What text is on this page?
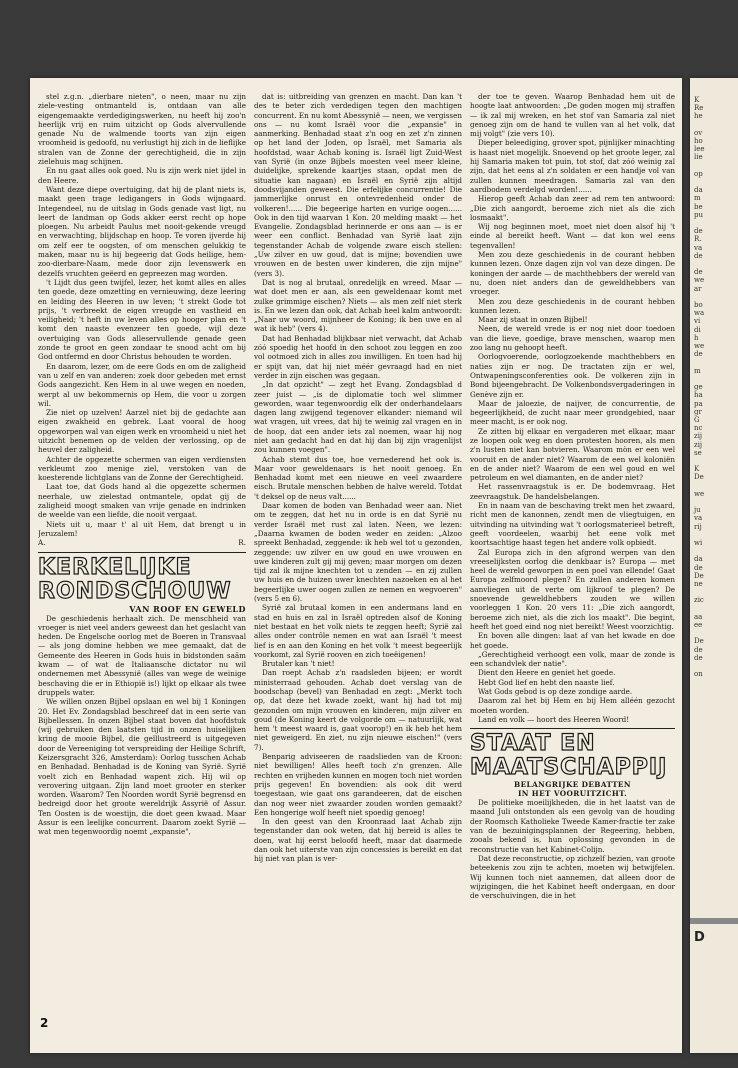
stel z.g.n. „dierbare nieten", o neen, maar nu zijn ziele-vesting ontmanteld is, ontdaan van alle eigengemaakte verdedigingswerken, nu heeft hij zoo'n heerlijk vrij en ruim uitzicht op Gods alvervullende genade Nu de walmende toorts van zijn eigen vroomheid is gedoofd, nu verlustigt hij zich in de lieflijke stralen van de Zonne der gerechtigheid, die in zijn zielehuis mag schijnen.

En nu gaat alles ook goed. Nu is zijn werk niet ijdel in den Heere.

Want deze diepe overtuiging, dat hij de plant niets is, maakt geen trage ledigangers in Gods wijngaard. Integendeel, nu de uitslag in Gods genade vast ligt, nu leert de landman op Gods akker eerst recht op hope ploegen. Nu arbeidt Paulus met nooit-gekende vreugd en verwachting, blijdschap en hoop. Te voren ijverde hij om zelf eer te oogsten, of om menschen gelukkig te maken, maar nu is hij begeerig dat Gods heilige, hem-zoo-dierbare-Naam, mede door zijn levenswerk en dezelfs vruchten geëerd en gepreezen mag worden.

't Lijdt dus geen twijfel, lezer, het komt alles en alles ten goede, deze omzetting en vernieuwing, deze leering en leiding des Heeren in uw leven; 't strekt Gode tot prijs, 't verbreekt de eigen vreugde en vastheid en veiligheid; 't heft in uw leven alles op hooger plan en 't komt den naaste evenzeer ten goede, wijl deze overtuiging van Gods alleservullende genade geen zonde te groot en geen zondaar te snood acht om bij God ontfermd en door Christus behouden te worden.

En daarom, lezer, om de eere Gods en om de zaligheid van u zelf en van anderen: zoek door gebeden met ernst Gods aangezicht. Ken Hem in al uwe wegen en noeden, werpt al uw bekommernis op Hem, die voor u zorgen wil.

Zie niet op uzelven! Aarzel niet bij de gedachte aan eigen zwakheid en gebrek. Laat vooral de hoog opgeworpen wal van eigen werk en vroomheid u niet het uitzicht benemen op de velden der verlossing, op de heuvel der zaligheid.

Achter de opgezette schermen van eigen verdiensten verkleumt zoo menige ziel, verstoken van de koesterende lichtglans van de Zonne der Gerechtigheid.

Laat toe, dat Gods hand al die opgezette schermen neerhale, uw zielestad ontmantele, opdat gij de zaligheid moogt smaken van vrije genade en indrinken de weelde van een liefde, die nooit vergaat.

Niets uit u, maar t' al uit Hem, dat brengt u in Jeruzalem!

A.	R.

KERKELIJKE
RONDSCHOUW
VAN ROOF EN GEWELD

De geschiedenis herhaalt zich. De menschheid van vroeger is niet veel anders geweest dan het geslacht van heden. De Engelsche oorlog met de Boeren in Transvaal — als jong domine hebben we mee gemaakt, dat de Gemeente des Heeren in Gods huis in bidstonden saâm kwam — of wat de Italiaansche dictator nu wil ondernemen met Abessynië (alles van wege de weinige beschaving die er in Ethiopië is!) lijkt op elkaar als twee druppels water.

We willen onzen Bijbel opslaan en wel bij 1 Koningen 20. Het Ev. Zondagsblad beschreef dat in een serie van Bijbellessen. In onzen Bijbel staat boven dat hoofdstuk (wij gebruiken den laatsten tijd in onzen huiselijken kring de mooie Bijbel, die geïllustreerd is uitgegeven door de Vereeniging tot verspreiding der Heilige Schrift, Keizersgracht 326, Amsterdam): Oorlog tusschen Achab en Benhadad. Benhadad is de Koning van Syrië. Syrië voelt zich en Benhadad wapent zich. Hij wil op verovering uitgaan. Zijn land moet grooter en sterker worden. Waarom? Ten Noorden wordt Syrië begrensd en bedreigd door het groote wereldrijk Assyrië of Assur. Ten Oosten is de woestijn, die doet geen kwaad. Maar Assur is een leelijke concurrent. Daarom zoekt Syrië — wat men tegenwoordig noemt „expansie",

dat is: uitbreiding van grenzen en macht. Dan kan 't des te beter zich verdedigen tegen den machtigen concurrent. En nu komt Abessynië — neen, we vergissen ons — nu komt Israël voor die „expansie" in aanmerking. Benhadad staat z'n oog en zet z'n zinnen op het land der Joden, op Israël, met Samaria als hoofdstad, waar Achab koning is. Israël ligt Zuid-West van Syrië (in onze Bijbels moesten veel meer kleine, duidelijke, sprekende kaartjes staan, opdat men de situatie kan nagaan) en Israël en Syrië zijn altijd doodsvijanden geweest. Die erfelijke concurrentie! Die jammerlijke onrust en ontevredenheid onder de volkeren!...... Die begeerige harten en vurige oogen...... Ook in den tijd waarvan 1 Kon. 20 melding maakt — het Evangelie. Zondagsblad herinnerde er ons aan — is er weer een conflict. Benhadad van Syrië laat zijn tegenstander Achab de volgende zware eisch stellen: „Uw zilver en uw goud, dat is mijne; bovendien uwe vrouwen en de besten uwer kinderen, die zijn mijne" (vers 3).

Dat is nog al brutaal, onredelijk en wreed. Maar — wat doet men er aan, als een geweldenaar komt met zulke grimmige eischen? Niets — als men zelf niet sterk is. En we lezen dan ook, dat Achab heel kalm antwoordt: „Naar uw woord, mijnheer de Koning; ik ben uwe en al wat ik heb" (vers 4).

Dat had Benhadad blijkbaar niet verwacht, dat Achab zóó spoedig het hoofd in den schoot zou leggen en zoo vol ootmoed zich in alles zou inwilligen. En toen had hij er spijt van, dat hij niet méér gevraagd had en niet verder in zijn eischen was gegaan.

„In dat opzicht" — zegt het Evang. Zondagsblad d zeer juist — „is de diplomatie toch wel slimmer geworden, waar tegenwoordig elk der onderhandelaars dagen lang zwijgend tegenover elkander: niemand wil wat vragen, uit vrees, dat hij te weinig zal vragen en in de hoop, dat een ander iets zal noemen, waar hij nog niet aan gedacht had en dat hij dan bij zijn vragenlijst zou kunnen voegen".

Achab stemt dus toe, hoe vernederend het ook is. Maar voor geweldenaars is het nooit genoeg. En Benhadad komt met een nieuwe en veel zwaardere eisch. Brutale menschen hebben de halve wereld. Totdat 't deksel op de neus valt......

Daar komen de boden van Benhadad weer aan. Niet om te zeggen, dat het nu in orde is en dat Syrië nu verder Israël met rust zal laten. Neen, we lezen: „Daarna kwamen de boden weder en zeiden: „Alzoo spreekt Benhadad, zeggende: ik heb wel tot u gezonden, zeggende: uw zilver en uw goud en uwe vrouwen en uwe kinderen zult gij mij geven; maar morgen om dezen tijd zal ik mijne knechten tot u zenden — en zij zullen uw huis en de huizen uwer knechten nazoeken en al het begeerlijke uwer oogen zullen ze nemen en wegvoeren" (vers 5 en 6).

Syrië zal brutaal komen in een andermans land en stad en huis en zal in Israël optreden alsof de Koning niet bestaat en het volk niets te zeggen heeft; Syrië zal alles onder contrôle nemen en wat aan Israël 't meest lief is en aan den Koning en het volk 't meest begeerlijk voorkomt, zal Syrië rooven en zich toeëigenen!

Brutaler kan 't niet!

Dan roept Achab z'n raadsleden bijeen; er wordt ministerraad gehouden. Achab doet verslag van de boodschap (bevel) van Benhadad en zegt: „Merkt toch op, dat deze het kwade zoekt, want hij had tot mij gezonden om mijn vrouwen en kinderen, mijn zilver en goud (de Koning keert de volgorde om — natuurlijk, wat hem 't meest waard is, gaat voorop!) en ik heb het hem niet geweigerd. En ziet, nu zijn nieuwe eischen!" (vers 7).

Benparig adviseeren de raadslieden van de Kroon: niet bewilligen! Alles heeft toch z'n grenzen. Alle rechten en vrijheden kunnen en mogen toch niet worden prijs gegeven! En bovendien: als ook dit werd toegestaan, wie gaat ons garandeeren, dat de eischen dan nog weer niet zwaarder zouden worden gemaakt? Een hongerige wolf heeft niet spoedig genoeg!

In den geest van den Kroonraad laat Achab zijn tegenstander dan ook weten, dat hij bereid is alles te doen, wat hij eerst beloofd heeft, maar dat daarmede dan ook het uiterste van zijn concessies is bereikt en dat hij niet van plan is ver-

der toe te geven. Waarop Benhadad hem uit de hoogte laat antwoorden: „De goden mogen mij straffen — ik zal mij wreken, en het stof van Samaria zal niet genoeg zijn om de hand te vullen van al het volk, dat mij volgt" (zie vers 10).

Dieper beleediging, grover spot, pijnlijker minachting is haast niet mogelijk. Snoevend op het groote leger, zal hij Samaria maken tot puin, tot stof, dat zóó weinig zal zijn, dat het eens al z'n soldaten er een handje vol van zullen kunnen meedragen. Samaria zal van den aardbodem verdelgd worden!......

Hierop geeft Achab dan zeer ad rem ten antwoord: „Die zich aangordt, beroeme zich niet als die zich losmaakt".

Wij nog beginnen moet, moet niet doen alsof hij 't einde al bereikt heeft. Want — dat kon wel eens tegenvallen!

Men zou deze geschiedenis in de courant hebben kunnen lezen. Onze dagen zijn vol van deze dingen. De koningen der aarde — de machthebbers der wereld van nu, doen niet anders dan de geweldhebbers van vroeger.

Men zou deze geschiedenis in de courant hebben kunnen lezen.

Maar zij staat in onzen Bijbel!

Neen, de wereld vrede is er nog niet door toedoen van die lieve, goedige, brave menschen, waarop men zoo lang nu gehoopt heeft.

Oorlogvoerende, oorlogzoekende machthebbers en naties zijn er nog. De tractaten zijn er wel, Ontwapeningsconferenties ook. De volkeren zijn in Bond bijeengebracht. De Volkenbondsvergaderingen in Genève zijn er.

Maar de jaloezie, de naijver, de concurrentie, de begeerlijkheid, de zucht naar meer grondgebied, naar meer macht, is er ook nog.

Ze zitten bij elkaar en vergaderen met elkaar, maar ze loopen ook weg en doen protesten hooren, als men z'n lusten niet kan botvieren. Waarom mòn er een wel vooruit en de ander niet? Waarom de een wel koloniën en de ander niet? Waarom de een wel goud en wel petroleum en wel diamanten, en de ander niet?

Het rassenvraagstuk is er. De bodemvraag. Het zeevraagstuk. De handelsbelangen.

En in naam van de beschaving trekt men het zwaard, richt men de kanonnen, zendt men de vliegtuigen, en uitvinding na uitvinding wat 't oorlogsmaterieel betreft, geeft voordeelen, waarbij het eene volk met koortsachtige haast tegen het andere volk opbiedt.

Zal Europa zich in den afgrond werpen van den vreeselijksten oorlog die denkbaar is? Europa — met heel de wereld geworpen in een poel van ellende! Gaat Europa zelfmoord plegen? En zullen anderen komen aanvliegen uit de verte om lijkroof te plegen? De snoevende geweldhebbers zouden we willen voorleggen 1 Kon. 20 vers 11: „Die zich aangordt, beroeme zich niet, als die zich los maakt". Die begint, heeft het goed eind nog niet bereikt! Weest voorzichtig.

En boven alle dingen: laat af van het kwade en doe het goede.

„Gerechtigheid verhoogt een volk, maar de zonde is een schandvlek der natie".

Dient den Heere en geniet het goede.

Hebt God lief en hebt den naaste lief.

Wat Gods gebod is op deze zondige aarde.

Daarom zal het bij Hem en bij Hem alléén gezocht moeten worden.

Land en volk — hoort des Heeren Woord!

STAAT EN
MAATSCHAPPIJ
BELANGRIJKE DEBATTEN
IN HET VOORUITZICHT.

De politieke moeilijkheden, die in het laatst van de maand Juli ontstonden als een gevolg van de houding der Roomsch Katholieke Tweede Kamer-fractie ter zake van de bezuinigingsplannen der Regeering, hebben, zooals bekend is, hun oplossing gevonden in de reconstructie van het Kabinet-Colijn.

Dat deze reconstructie, op zichzelf bezien, van groote beteekenis zou zijn te achten, moeten wij betwijfelen. Wij kunnen toch niet aannemen, dat alleen door de wijzigingen, die het Kabinet heeft ondergaan, en door de verschuivingen, die in het

2
K
Re
he

ov
ho
lee
lie

op

da
m
be
pu

de
R.
va
de

de
we
ar

bo
wa
vi
di
h
we
de

m

ge
ha
pa
gr
G
nc
zij
zij
se

K
De

we

ju
va
rij

wi

da
de
De
ne

zic

aa
ee

De
de
de

on
D
